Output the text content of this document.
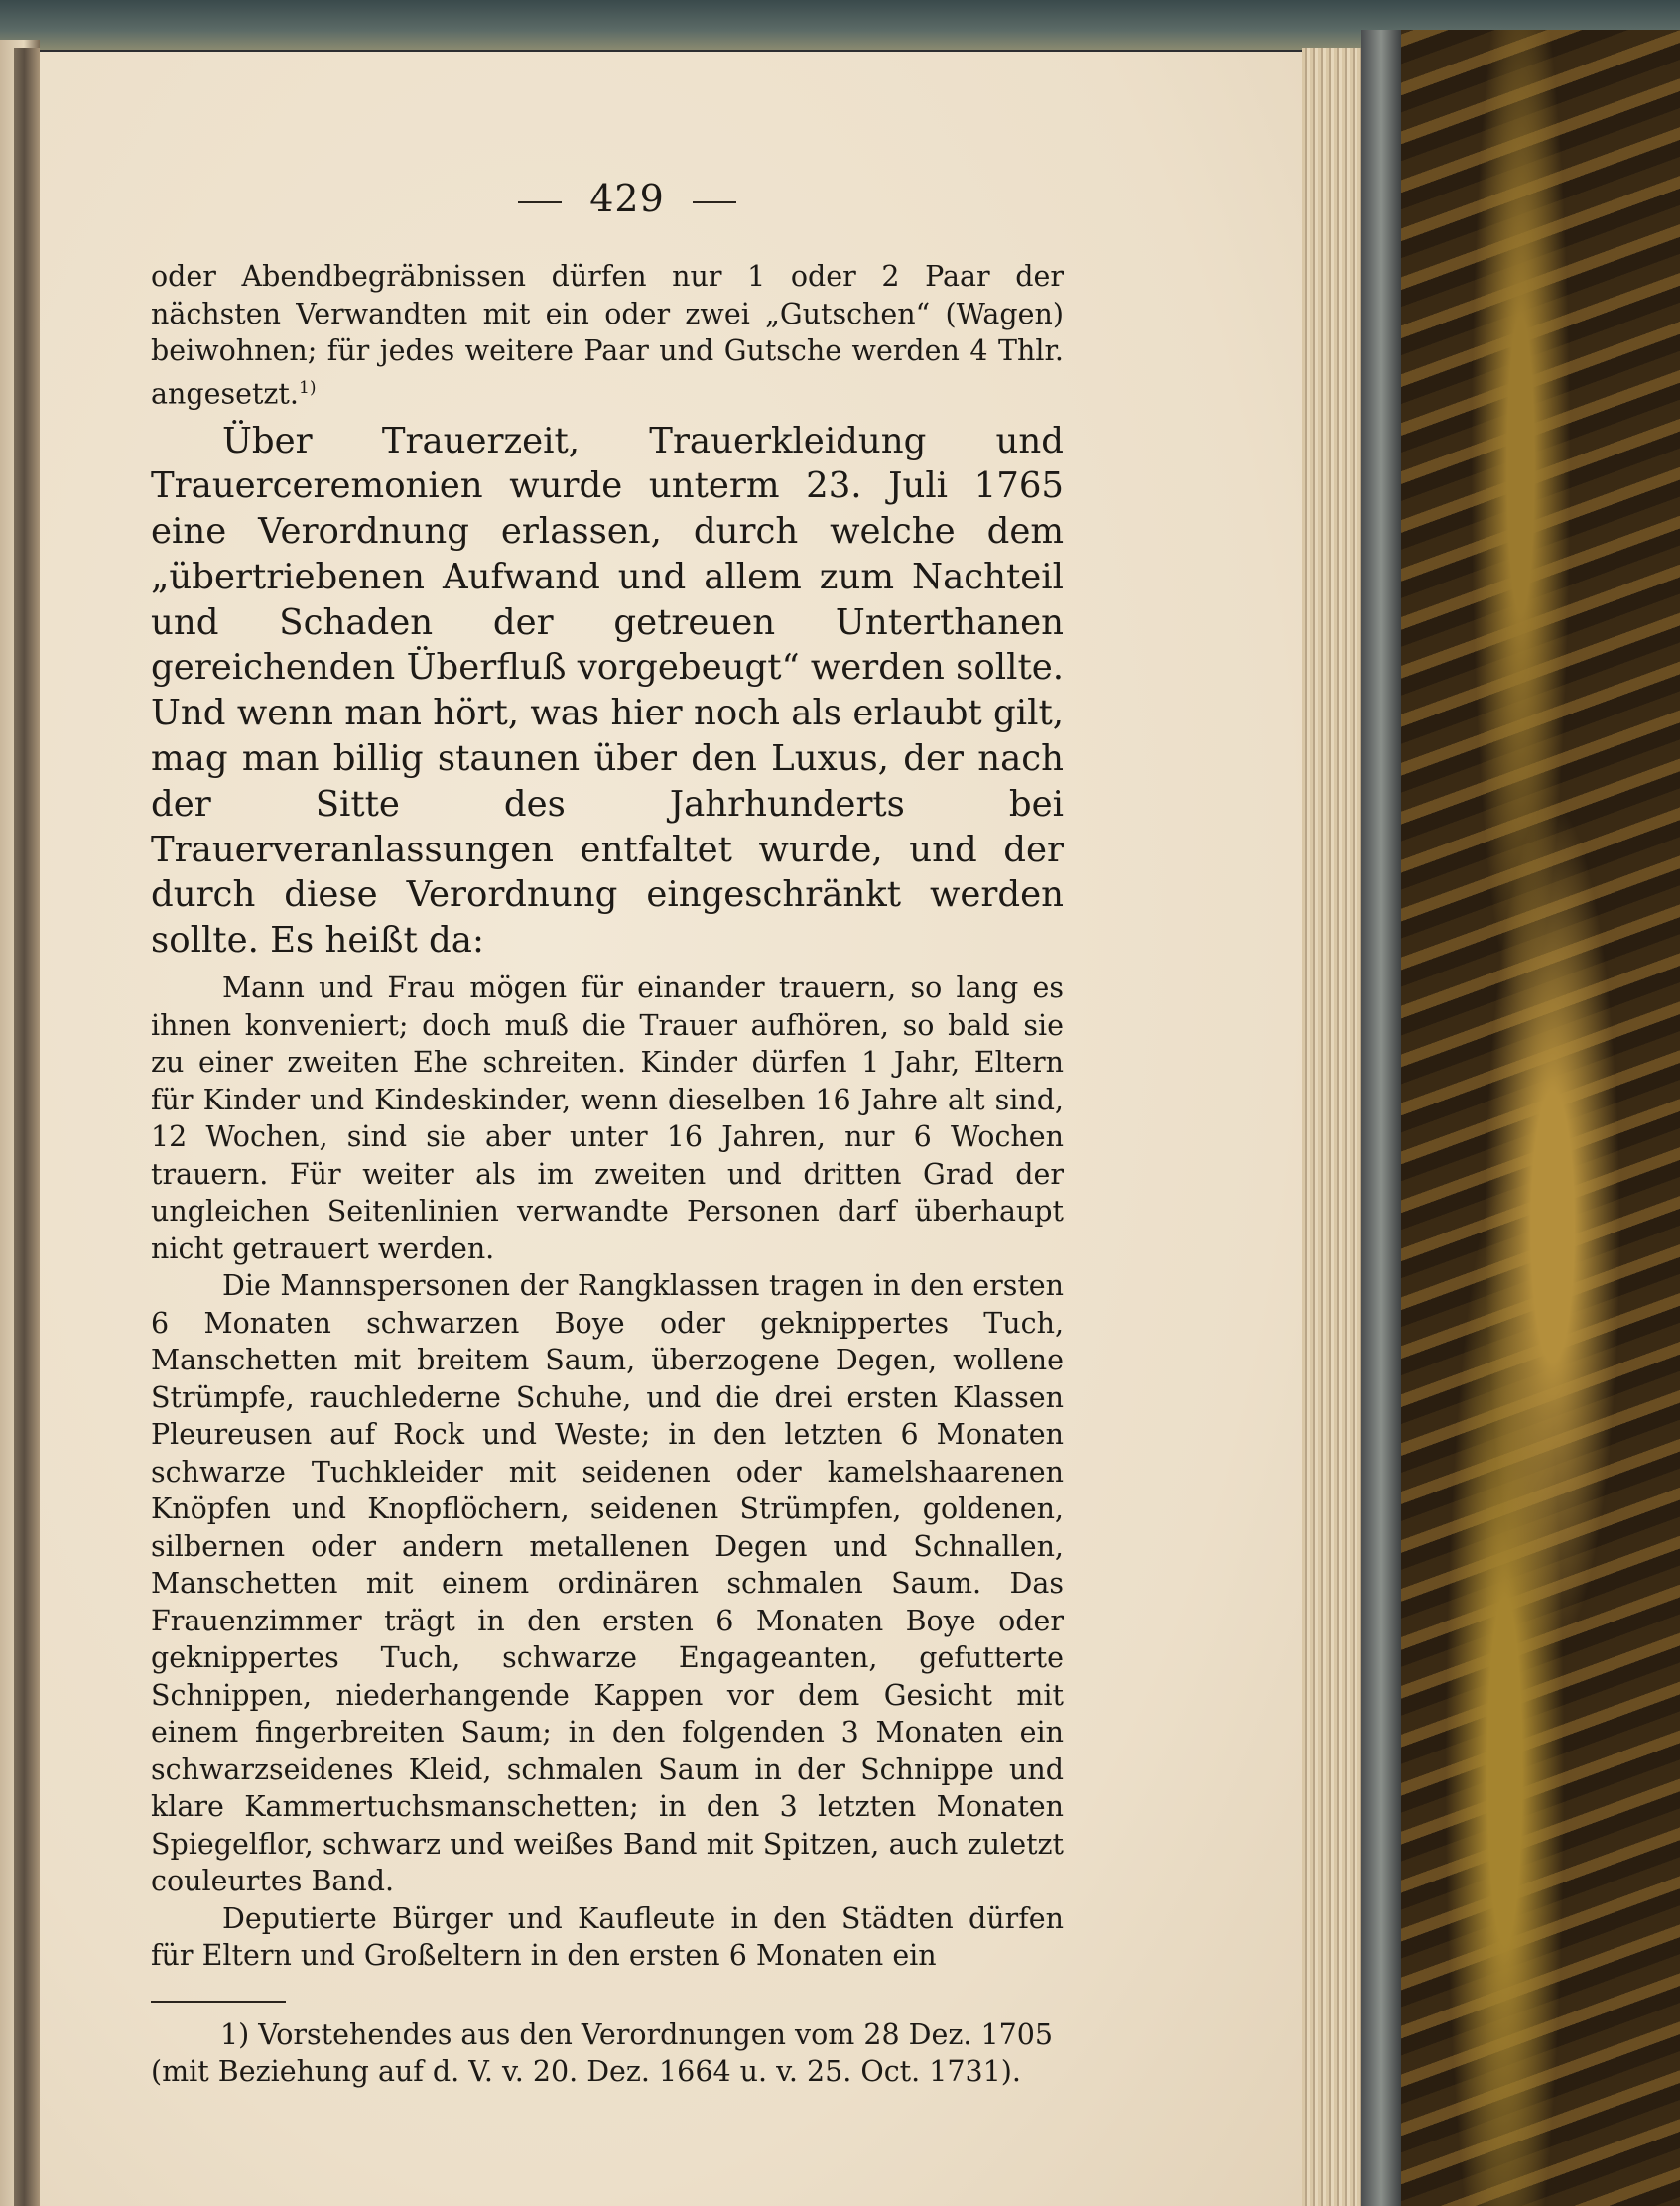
429

oder Abendbegräbnissen dürfen nur 1 oder 2 Paar der nächsten Verwandten mit ein oder zwei „Gutschen“ (Wagen) beiwohnen; für jedes weitere Paar und Gutsche werden 4 Thlr. angesetzt.$^{1)}$

Über Trauerzeit, Trauerkleidung und Trauerceremonien wurde unterm 23. Juli 1765 eine Verordnung erlassen, durch welche dem „übertriebenen Aufwand und allem zum Nachteil und Schaden der getreuen Unterthanen gereichenden Überfluß vorgebeugt“ werden sollte. Und wenn man hört, was hier noch als erlaubt gilt, mag man billig staunen über den Luxus, der nach der Sitte des Jahrhunderts bei Trauerveranlassungen entfaltet wurde, und der durch diese Verordnung eingeschränkt werden sollte. Es heißt da:

Mann und Frau mögen für einander trauern, so lang es ihnen konveniert; doch muß die Trauer aufhören, so bald sie zu einer zweiten Ehe schreiten. Kinder dürfen 1 Jahr, Eltern für Kinder und Kindeskinder, wenn dieselben 16 Jahre alt sind, 12 Wochen, sind sie aber unter 16 Jahren, nur 6 Wochen trauern. Für weiter als im zweiten und dritten Grad der ungleichen Seitenlinien verwandte Personen darf überhaupt nicht getrauert werden.

Die Mannspersonen der Rangklassen tragen in den ersten 6 Monaten schwarzen Boye oder geknippertes Tuch, Manschetten mit breitem Saum, überzogene Degen, wollene Strümpfe, rauchlederne Schuhe, und die drei ersten Klassen Pleureusen auf Rock und Weste; in den letzten 6 Monaten schwarze Tuchkleider mit seidenen oder kamelshaarenen Knöpfen und Knopflöchern, seidenen Strümpfen, goldenen, silbernen oder andern metallenen Degen und Schnallen, Manschetten mit einem ordinären schmalen Saum. Das Frauenzimmer trägt in den ersten 6 Monaten Boye oder geknippertes Tuch, schwarze Engageanten, gefutterte Schnippen, niederhangende Kappen vor dem Gesicht mit einem fingerbreiten Saum; in den folgenden 3 Monaten ein schwarzseidenes Kleid, schmalen Saum in der Schnippe und klare Kammertuchsmanschetten; in den 3 letzten Monaten Spiegelflor, schwarz und weißes Band mit Spitzen, auch zuletzt couleurtes Band.

Deputierte Bürger und Kaufleute in den Städten dürfen für Eltern und Großeltern in den ersten 6 Monaten ein

1) Vorstehendes aus den Verordnungen vom 28 Dez. 1705
(mit Beziehung auf d. V. v. 20. Dez. 1664 u. v. 25. Oct. 1731).
